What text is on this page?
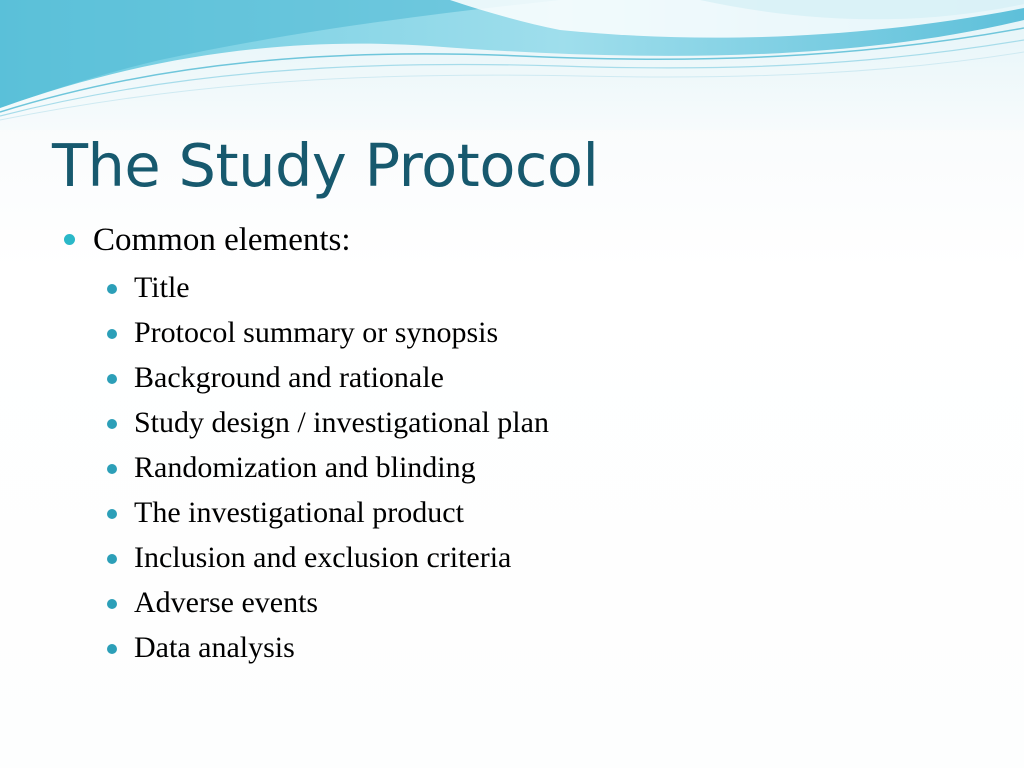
The Study Protocol
Common elements:
Title
Protocol summary or synopsis
Background and rationale
Study design / investigational plan
Randomization and blinding
The investigational product
Inclusion and exclusion criteria
Adverse events
Data analysis
